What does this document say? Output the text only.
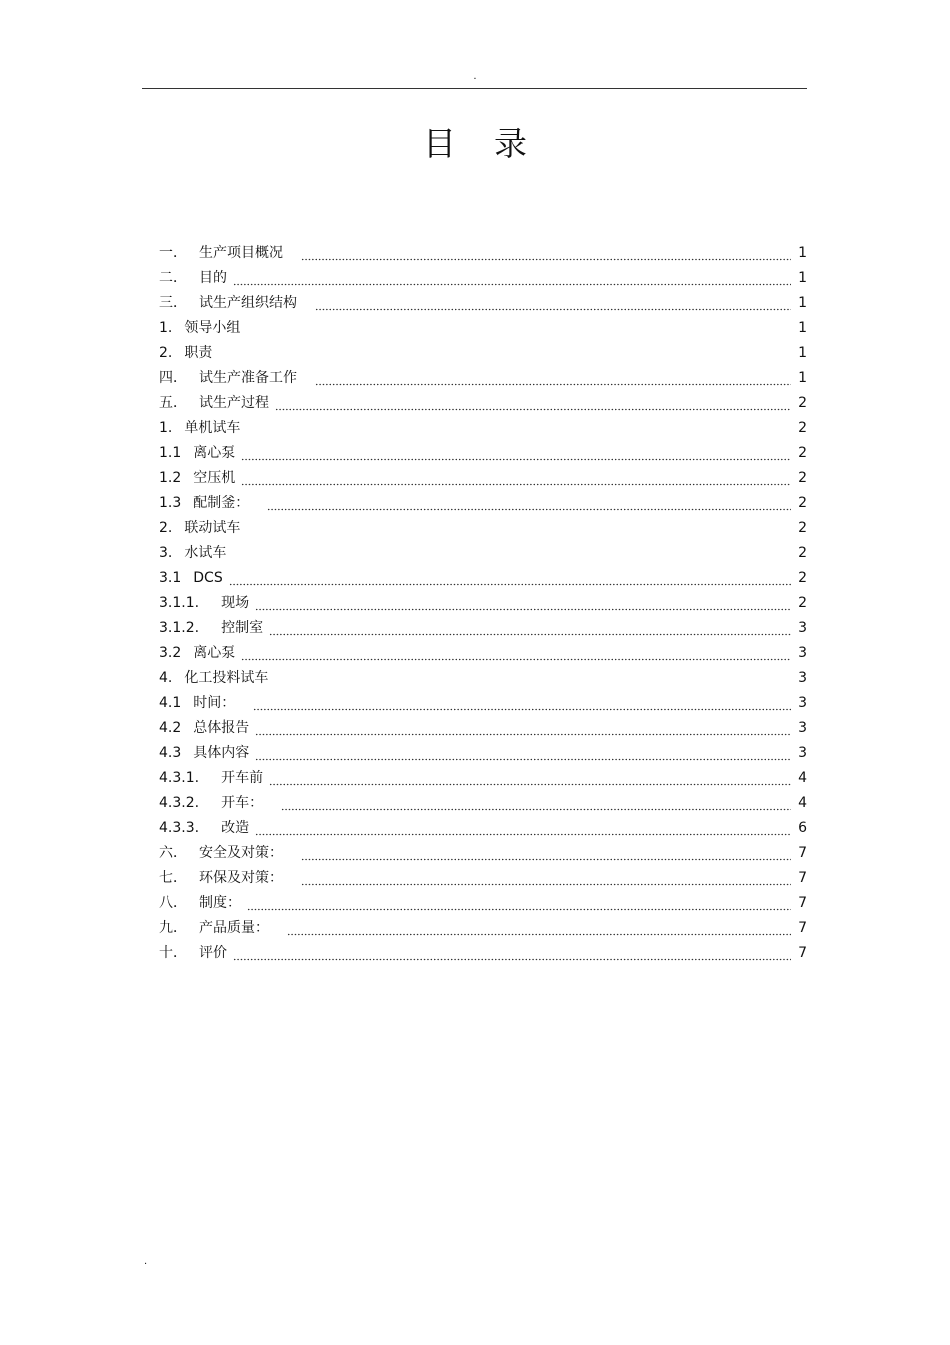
.
目 录
一． 生产项目概况	1
二． 目的	1
三． 试生产组织结构	1
1. 领导小组	1
2. 职责	1
四． 试生产准备工作	1
五． 试生产过程	2
1. 单机试车	2
1.1 离心泵	2
1.2 空压机	2
1.3 配制釜：	2
2. 联动试车	2
3. 水试车	2
3.1 DCS	2
3.1.1. 现场	2
3.1.2. 控制室	3
3.2 离心泵	3
4. 化工投料试车	3
4.1 时间：	3
4.2 总体报告	3
4.3 具体内容	3
4.3.1. 开车前	4
4.3.2. 开车：	4
4.3.3. 改造	6
六． 安全及对策：	7
七． 环保及对策：	7
八． 制度：	7
九． 产品质量：	7
十． 评价	7
.
